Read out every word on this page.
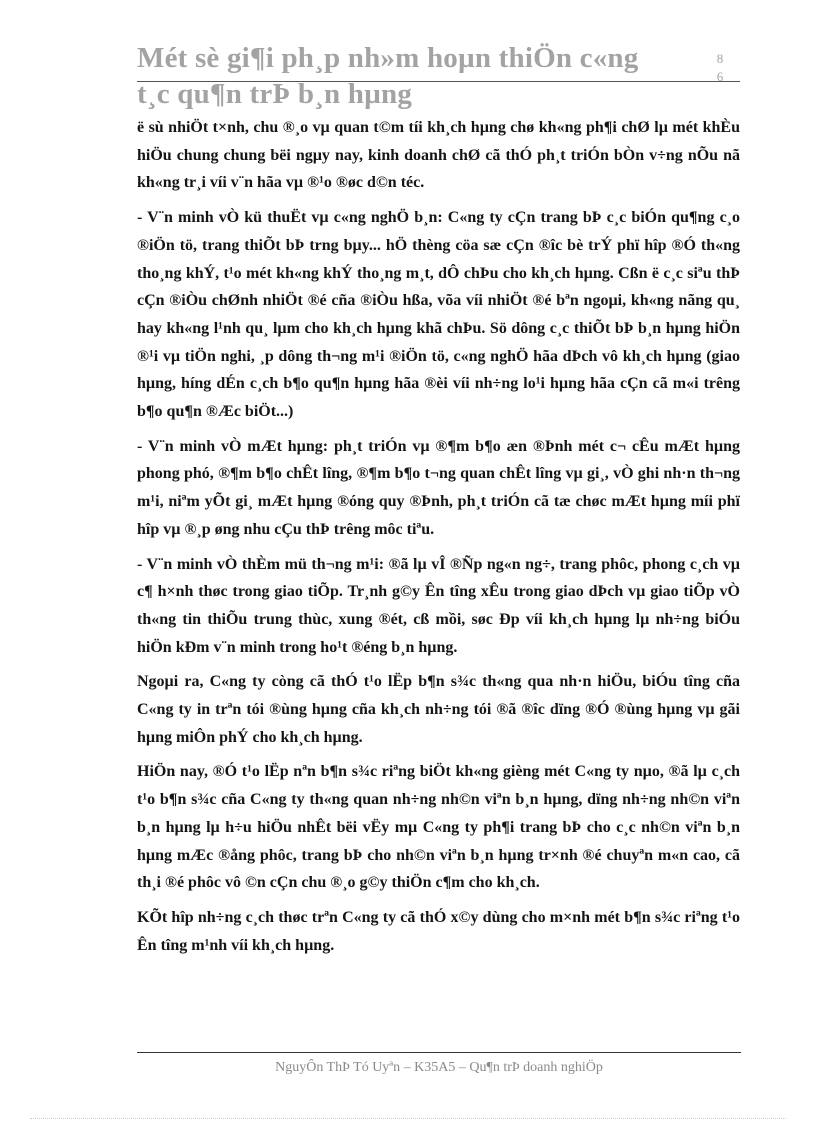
Mét sè gi¶i ph¸p nh»m hoµn thiÖn c«ng
t¸c qu¶n trÞ b¸n hµng
8
6

ë sù nhiÖt t×nh, chu ®¸o vµ quan t©m tíi kh¸ch hµng chø kh«ng ph¶i chØ lµ mét khÈu hiÖu chung chung bëi ngµy nay, kinh doanh chØ cã thÓ ph¸t triÓn bÒn v÷ng nÕu nã kh«ng tr¸i víi v¨n hãa vµ ®¹o ®øc d©n téc.

- V¨n minh vÒ kü thuËt vµ c«ng nghÖ b¸n: C«ng ty cÇn trang bÞ c¸c biÓn qu¶ng c¸o ®iÖn tö, trang thiÕt bÞ trng bµy... hÖ thèng cöa sæ cÇn ®îc bè trÝ phï hîp ®Ó th«ng tho¸ng khÝ, t¹o mét kh«ng khÝ tho¸ng m¸t, dÔ chÞu cho kh¸ch hµng. Cßn ë c¸c siªu thÞ cÇn ®iÒu chØnh nhiÖt ®é cña ®iÒu hßa, võa víi nhiÖt ®é bªn ngoµi, kh«ng nãng qu¸ hay kh«ng l¹nh qu¸ lµm cho kh¸ch hµng khã chÞu. Sö dông c¸c thiÕt bÞ b¸n hµng hiÖn ®¹i vµ tiÖn nghi, ¸p dông th¬ng m¹i ®iÖn tö, c«ng nghÖ hãa dÞch vô kh¸ch hµng (giao hµng, híng dÉn c¸ch b¶o qu¶n hµng hãa ®èi víi nh÷ng lo¹i hµng hãa cÇn cã m«i trêng b¶o qu¶n ®Æc biÖt...)

- V¨n minh vÒ mÆt hµng: ph¸t triÓn vµ ®¶m b¶o æn ®Þnh mét c¬ cÊu mÆt hµng phong phó, ®¶m b¶o chÊt lîng, ®¶m b¶o t¬ng quan chÊt lîng vµ gi¸, vÒ ghi nh·n th¬ng m¹i, niªm yÕt gi¸ mÆt hµng ®óng quy ®Þnh, ph¸t triÓn cã tæ chøc mÆt hµng míi phï hîp vµ ®¸p øng nhu cÇu thÞ trêng môc tiªu.

- V¨n minh vÒ thÈm mü th¬ng m¹i: ®ã lµ vÎ ®Ñp ng«n ng÷, trang phôc, phong c¸ch vµ c¶ h×nh thøc trong giao tiÕp. Tr¸nh g©y Ên tîng xÊu trong giao dÞch vµ giao tiÕp vÒ th«ng tin thiÕu trung thùc, xung ®ét, cß mồi, søc Ðp víi kh¸ch hµng lµ nh÷ng biÓu hiÖn kÐm v¨n minh trong ho¹t ®éng b¸n hµng.

Ngoµi ra, C«ng ty còng cã thÓ t¹o lËp b¶n s¾c th«ng qua nh·n hiÖu, biÓu tîng cña C«ng ty in trªn tói ®ùng hµng cña kh¸ch nh÷ng tói ®ã ®îc dïng ®Ó ®ùng hµng vµ gãi hµng miÔn phÝ cho kh¸ch hµng.

HiÖn nay, ®Ó t¹o lËp nªn b¶n s¾c riªng biÖt kh«ng gièng mét C«ng ty nµo, ®ã lµ c¸ch t¹o b¶n s¾c cña C«ng ty th«ng quan nh÷ng nh©n viªn b¸n hµng, dïng nh÷ng nh©n viªn b¸n hµng lµ h÷u hiÖu nhÊt bëi vËy mµ C«ng ty ph¶i trang bÞ cho c¸c nh©n viªn b¸n hµng mÆc ®ång phôc, trang bÞ cho nh©n viªn b¸n hµng tr×nh ®é chuyªn m«n cao, cã th¸i ®é phôc vô ©n cÇn chu ®¸o g©y thiÖn c¶m cho kh¸ch.

KÕt hîp nh÷ng c¸ch thøc trªn C«ng ty cã thÓ x©y dùng cho m×nh mét b¶n s¾c riªng t¹o Ên tîng m¹nh víi kh¸ch hµng.

NguyÔn ThÞ Tó Uyªn – K35A5 – Qu¶n trÞ doanh nghiÖp
